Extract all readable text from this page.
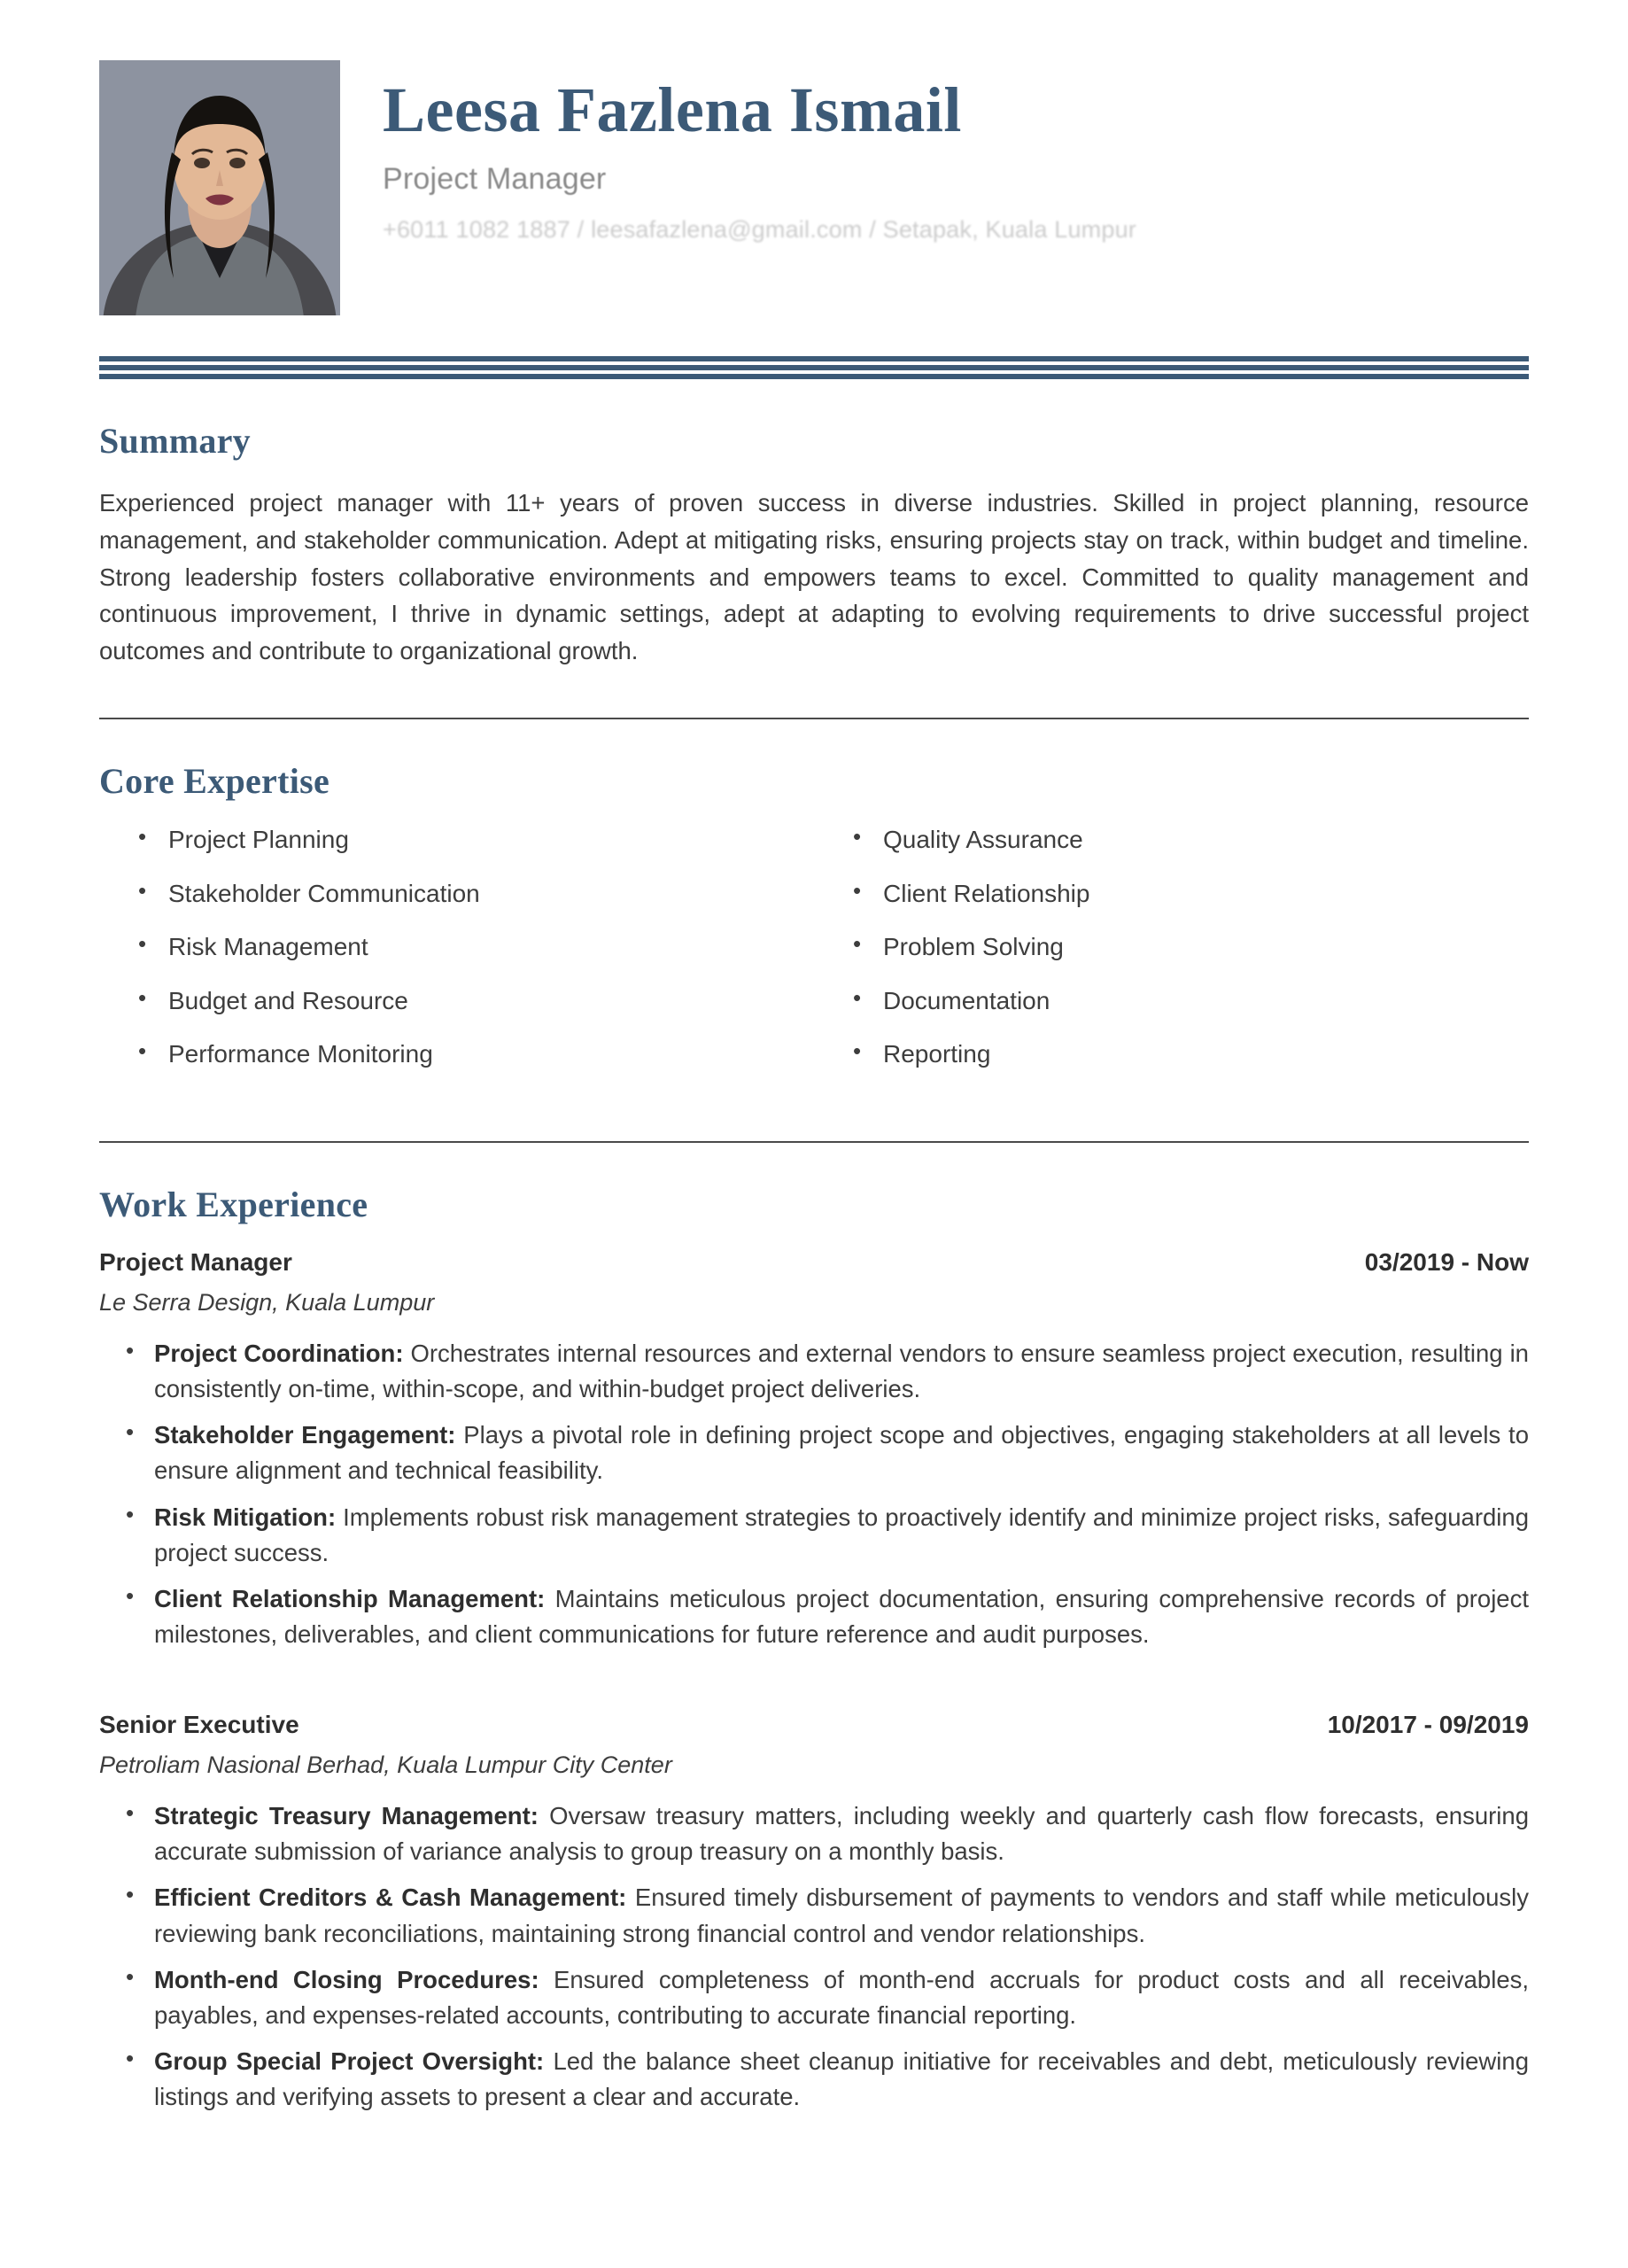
Leesa Fazlena Ismail
Project Manager
+6011 1082 1887 / leesafazlena@gmail.com / Setapak, Kuala Lumpur
Summary

Experienced project manager with 11+ years of proven success in diverse industries. Skilled in project planning, resource management, and stakeholder communication. Adept at mitigating risks, ensuring projects stay on track, within budget and timeline. Strong leadership fosters collaborative environments and empowers teams to excel. Committed to quality management and continuous improvement, I thrive in dynamic settings, adept at adapting to evolving requirements to drive successful project outcomes and contribute to organizational growth.

Core Expertise
• Project Planning
• Stakeholder Communication
• Risk Management
• Budget and Resource
• Performance Monitoring
• Quality Assurance
• Client Relationship
• Problem Solving
• Documentation
• Reporting
Work Experience
Project Manager	03/2019 - Now
Le Serra Design, Kuala Lumpur
• Project Coordination: Orchestrates internal resources and external vendors to ensure seamless project execution, resulting in consistently on-time, within-scope, and within-budget project deliveries.
• Stakeholder Engagement: Plays a pivotal role in defining project scope and objectives, engaging stakeholders at all levels to ensure alignment and technical feasibility.
• Risk Mitigation: Implements robust risk management strategies to proactively identify and minimize project risks, safeguarding project success.
• Client Relationship Management: Maintains meticulous project documentation, ensuring comprehensive records of project milestones, deliverables, and client communications for future reference and audit purposes.
Senior Executive	10/2017 - 09/2019
Petroliam Nasional Berhad, Kuala Lumpur City Center
• Strategic Treasury Management: Oversaw treasury matters, including weekly and quarterly cash flow forecasts, ensuring accurate submission of variance analysis to group treasury on a monthly basis.
• Efficient Creditors & Cash Management: Ensured timely disbursement of payments to vendors and staff while meticulously reviewing bank reconciliations, maintaining strong financial control and vendor relationships.
• Month-end Closing Procedures: Ensured completeness of month-end accruals for product costs and all receivables, payables, and expenses-related accounts, contributing to accurate financial reporting.
• Group Special Project Oversight: Led the balance sheet cleanup initiative for receivables and debt, meticulously reviewing listings and verifying assets to present a clear and accurate.
